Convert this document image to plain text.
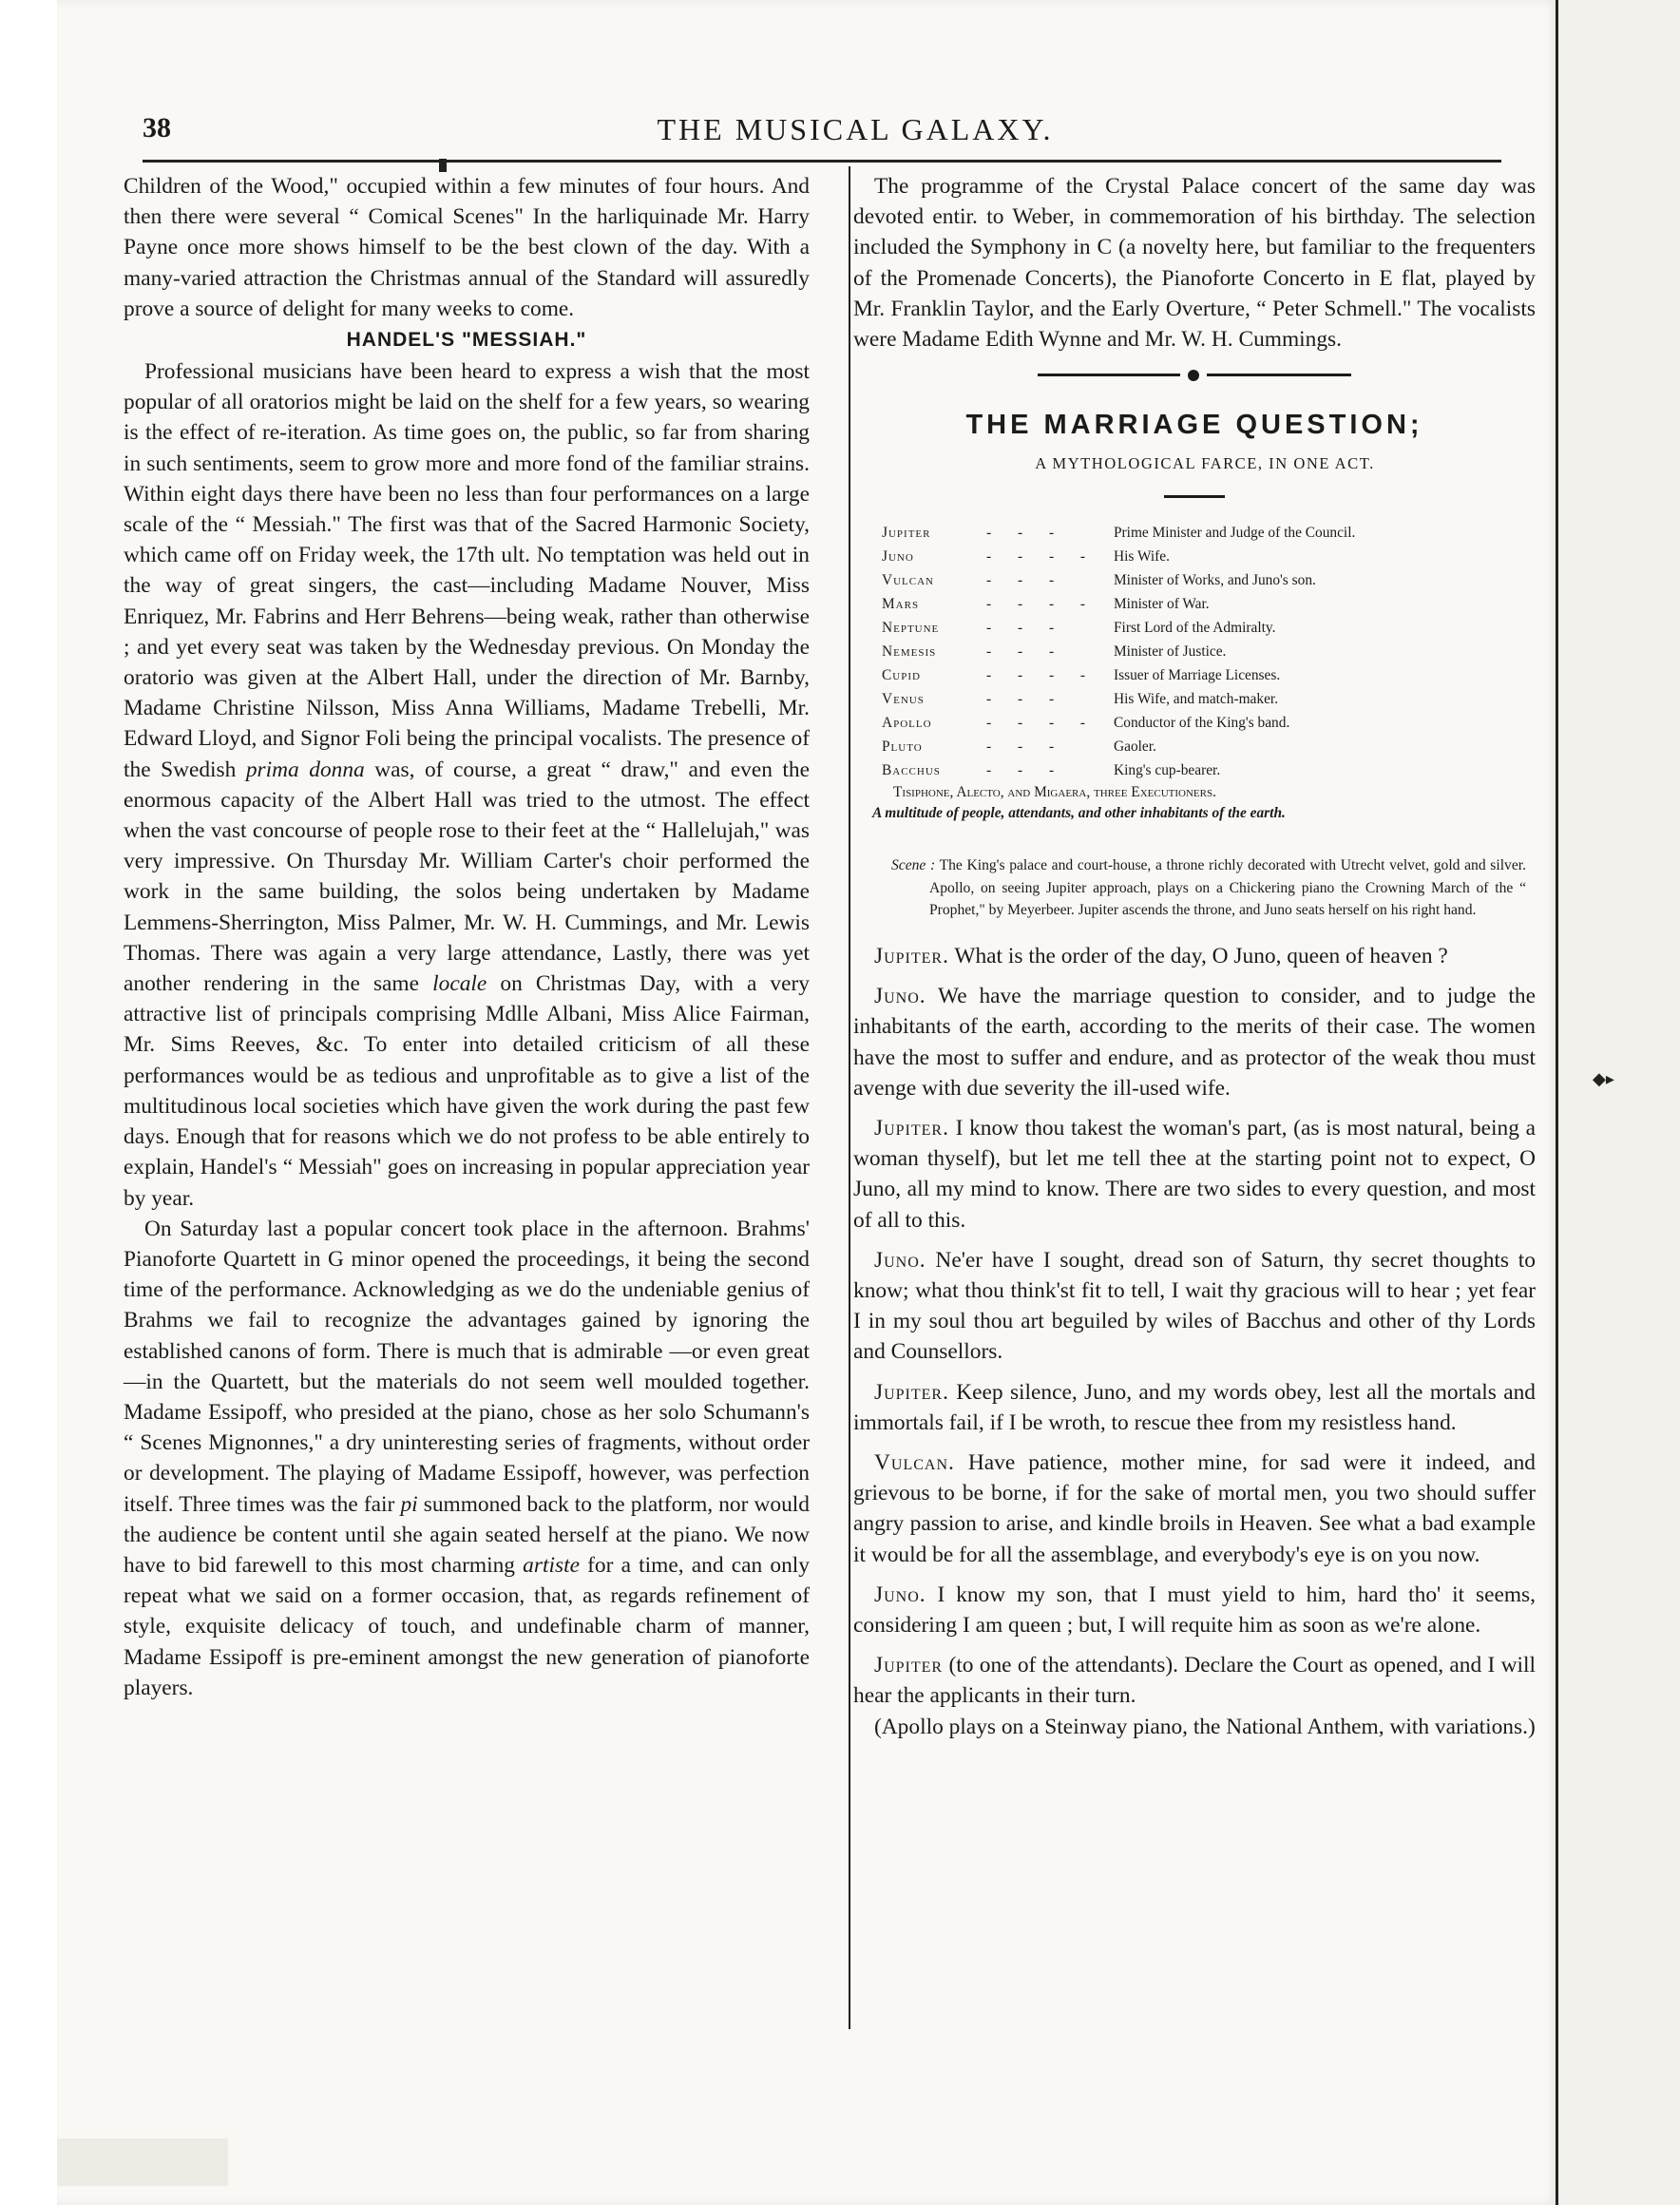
38	THE MUSICAL GALAXY.

Children of the Wood," occupied within a few minutes of four hours. And then there were several “ Comical Scenes" In the harliquinade Mr. Harry Payne once more shows himself to be the best clown of the day. With a many-varied attraction the Christmas annual of the Standard will assuredly prove a source of delight for many weeks to come.

HANDEL'S "MESSIAH."

Professional musicians have been heard to express a wish that the most popular of all oratorios might be laid on the shelf for a few years, so wearing is the effect of re-iteration. As time goes on, the public, so far from sharing in such sentiments, seem to grow more and more fond of the familiar strains. Within eight days there have been no less than four performances on a large scale of the “ Messiah." The first was that of the Sacred Harmonic Society, which came off on Friday week, the 17th ult. No temptation was held out in the way of great singers, the cast—including Madame Nouver, Miss Enriquez, Mr. Fabrins and Herr Behrens—being weak, rather than otherwise ; and yet every seat was taken by the Wednesday previous. On Monday the oratorio was given at the Albert Hall, under the direction of Mr. Barnby, Madame Christine Nilsson, Miss Anna Williams, Madame Trebelli, Mr. Edward Lloyd, and Signor Foli being the principal vocalists. The presence of the Swedish prima donna was, of course, a great “ draw," and even the enormous capacity of the Albert Hall was tried to the utmost. The effect when the vast concourse of people rose to their feet at the “ Hallelujah," was very impressive. On Thursday Mr. William Carter's choir performed the work in the same building, the solos being undertaken by Madame Lemmens-Sherrington, Miss Palmer, Mr. W. H. Cummings, and Mr. Lewis Thomas. There was again a very large attendance, Lastly, there was yet another rendering in the same locale on Christmas Day, with a very attractive list of principals comprising Mdlle Albani, Miss Alice Fairman, Mr. Sims Reeves, &c. To enter into detailed criticism of all these performances would be as tedious and unprofitable as to give a list of the multitudinous local societies which have given the work during the past few days. Enough that for reasons which we do not profess to be able entirely to explain, Handel's “ Messiah" goes on increasing in popular appreciation year by year.

On Saturday last a popular concert took place in the afternoon. Brahms' Pianoforte Quartett in G minor opened the proceedings, it being the second time of the performance. Acknowledging as we do the undeniable genius of Brahms we fail to recognize the advantages gained by ignoring the established canons of form. There is much that is admirable —or even great—in the Quartett, but the materials do not seem well moulded together. Madame Essipoff, who presided at the piano, chose as her solo Schumann's “ Scenes Mignonnes," a dry uninteresting series of fragments, without order or development. The playing of Madame Essipoff, however, was perfection itself. Three times was the fair pi summoned back to the platform, nor would the audience be content until she again seated herself at the piano. We now have to bid farewell to this most charming artiste for a time, and can only repeat what we said on a former occasion, that, as regards refinement of style, exquisite delicacy of touch, and undefinable charm of manner, Madame Essipoff is pre-eminent amongst the new generation of pianoforte players.

The programme of the Crystal Palace concert of the same day was devoted entir. to Weber, in commemoration of his birthday. The selection included the Symphony in C (a novelty here, but familiar to the frequenters of the Promenade Concerts), the Pianoforte Concerto in E flat, played by Mr. Franklin Taylor, and the Early Overture, “ Peter Schmell." The vocalists were Madame Edith Wynne and Mr. W. H. Cummings.

THE MARRIAGE QUESTION;

A MYTHOLOGICAL FARCE, IN ONE ACT.

Jupiter	- - -	Prime Minister and Judge of the Council.
Juno	- - - -	His Wife.
Vulcan	- - -	Minister of Works, and Juno's son.
Mars	- - - -	Minister of War.
Neptune	- - -	First Lord of the Admiralty.
Nemesis	- - -	Minister of Justice.
Cupid	- - - -	Issuer of Marriage Licenses.
Venus	- - -	His Wife, and match-maker.
Apollo	- - - -	Conductor of the King's band.
Pluto	- - -	Gaoler.
Bacchus	- - -	King's cup-bearer.
Tisiphone, Alecto, and Migaera, three Executioners.
A multitude of people, attendants, and other inhabitants of the earth.

Scene : The King's palace and court-house, a throne richly decorated with Utrecht velvet, gold and silver. Apollo, on seeing Jupiter approach, plays on a Chickering piano the Crowning March of the “ Prophet," by Meyerbeer. Jupiter ascends the throne, and Juno seats herself on his right hand.

Jupiter. What is the order of the day, O Juno, queen of heaven ?

Juno. We have the marriage question to consider, and to judge the inhabitants of the earth, according to the merits of their case. The women have the most to suffer and endure, and as protector of the weak thou must avenge with due severity the ill-used wife.

Jupiter. I know thou takest the woman's part, (as is most natural, being a woman thyself), but let me tell thee at the starting point not to expect, O Juno, all my mind to know. There are two sides to every question, and most of all to this.

Juno. Ne'er have I sought, dread son of Saturn, thy secret thoughts to know; what thou think'st fit to tell, I wait thy gracious will to hear ; yet fear I in my soul thou art beguiled by wiles of Bacchus and other of thy Lords and Counsellors.

Jupiter. Keep silence, Juno, and my words obey, lest all the mortals and immortals fail, if I be wroth, to rescue thee from my resistless hand.

Vulcan. Have patience, mother mine, for sad were it indeed, and grievous to be borne, if for the sake of mortal men, you two should suffer angry passion to arise, and kindle broils in Heaven. See what a bad example it would be for all the assemblage, and everybody's eye is on you now.

Juno. I know my son, that I must yield to him, hard tho' it seems, considering I am queen ; but, I will requite him as soon as we're alone.

Jupiter (to one of the attendants). Declare the Court as opened, and I will hear the applicants in their turn.

(Apollo plays on a Steinway piano, the National Anthem, with variations.)

◆▸
